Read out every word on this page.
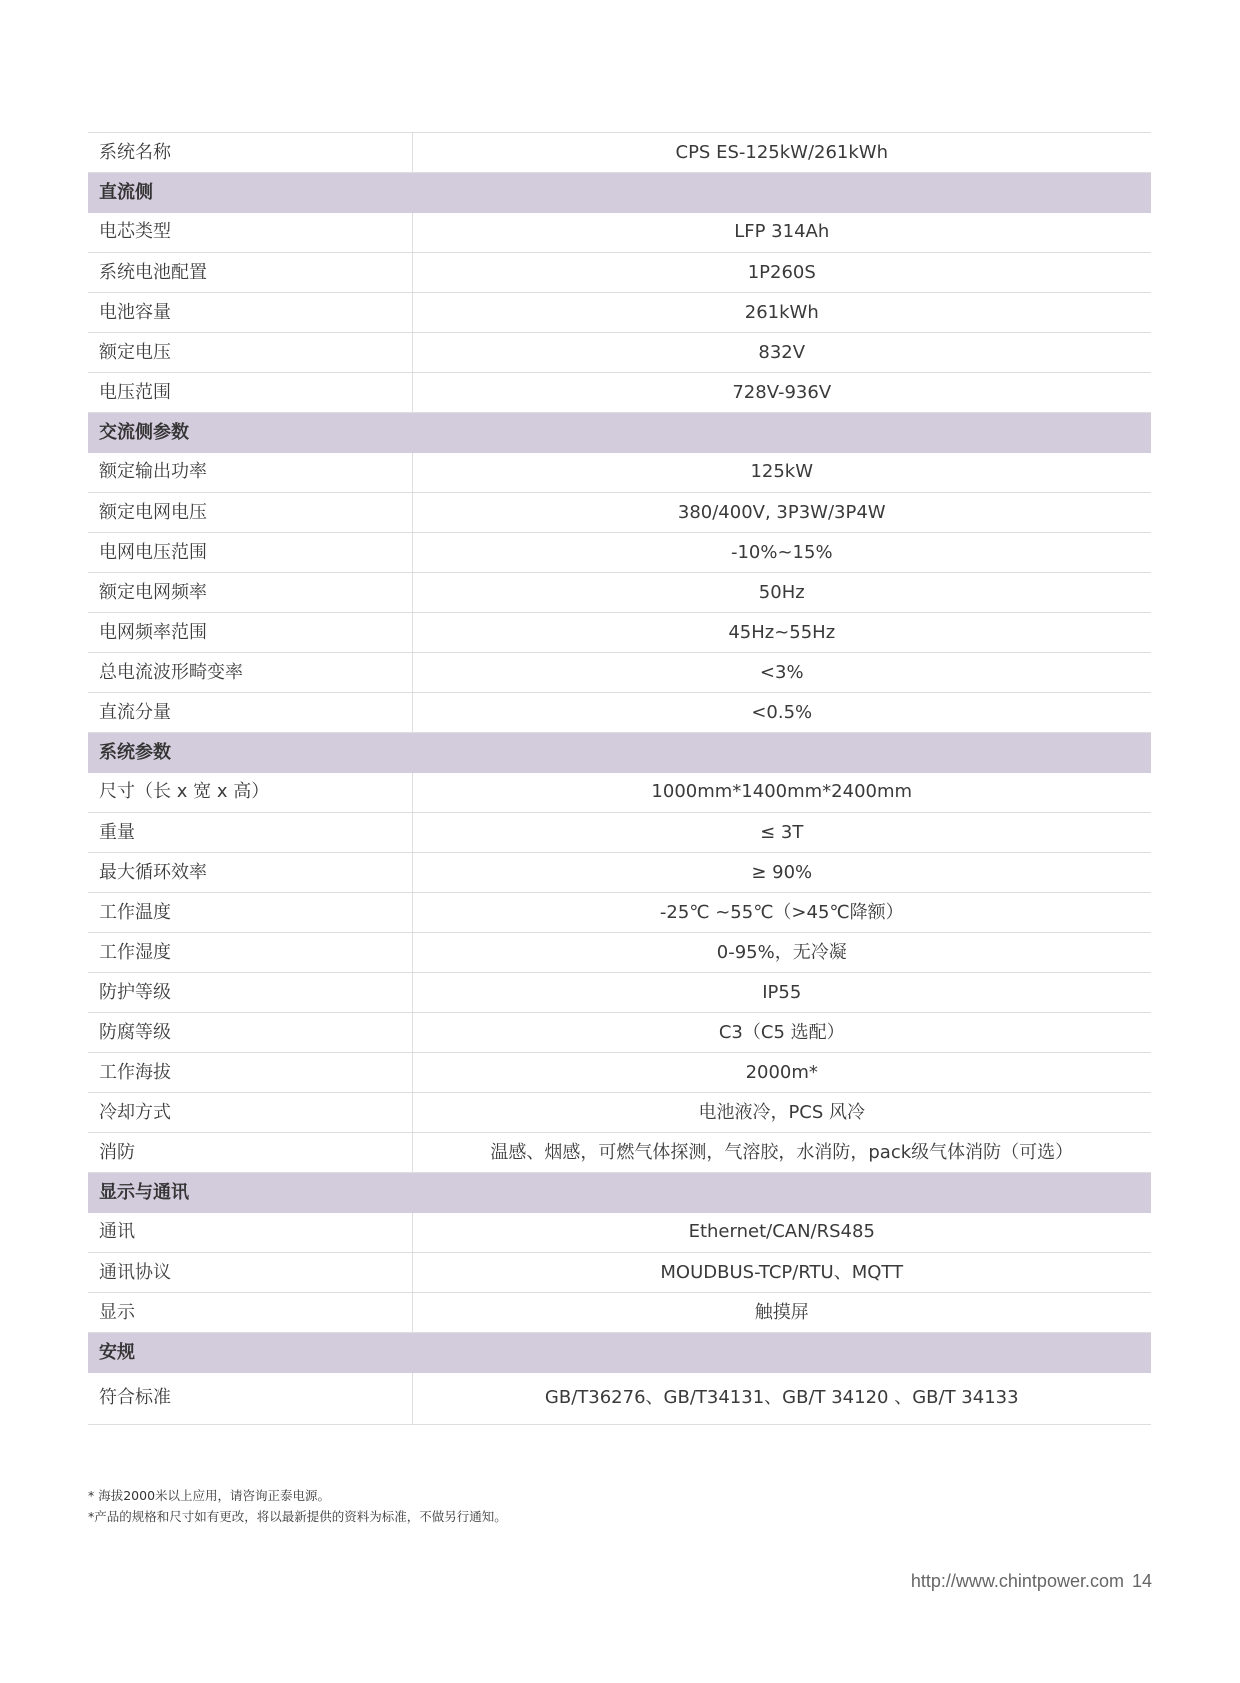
系统名称	CPS ES-125kW/261kWh
直流侧	
电芯类型	LFP 314Ah
系统电池配置	1P260S
电池容量	261kWh
额定电压	832V
电压范围	728V-936V
交流侧参数	
额定输出功率	125kW
额定电网电压	380/400V, 3P3W/3P4W
电网电压范围	-10%~15%
额定电网频率	50Hz
电网频率范围	45Hz~55Hz
总电流波形畸变率	<3%
直流分量	<0.5%
系统参数	
尺寸（长 x 宽 x 高）	1000mm*1400mm*2400mm
重量	≤ 3T
最大循环效率	≥ 90%
工作温度	-25℃ ~55℃（>45℃降额）
工作湿度	0-95%，无冷凝
防护等级	IP55
防腐等级	C3（C5 选配）
工作海拔	2000m*
冷却方式	电池液冷，PCS 风冷
消防	温感、烟感，可燃气体探测，气溶胶，水消防，pack级气体消防（可选）
显示与通讯	
通讯	Ethernet/CAN/RS485
通讯协议	MOUDBUS-TCP/RTU、MQTT
显示	触摸屏
安规	
符合标准	GB/T36276、GB/T34131、GB/T 34120 、GB/T 34133
* 海拔2000米以上应用，请咨询正泰电源。
*产品的规格和尺寸如有更改，将以最新提供的资料为标准，不做另行通知。
http://www.chintpower.com 14
